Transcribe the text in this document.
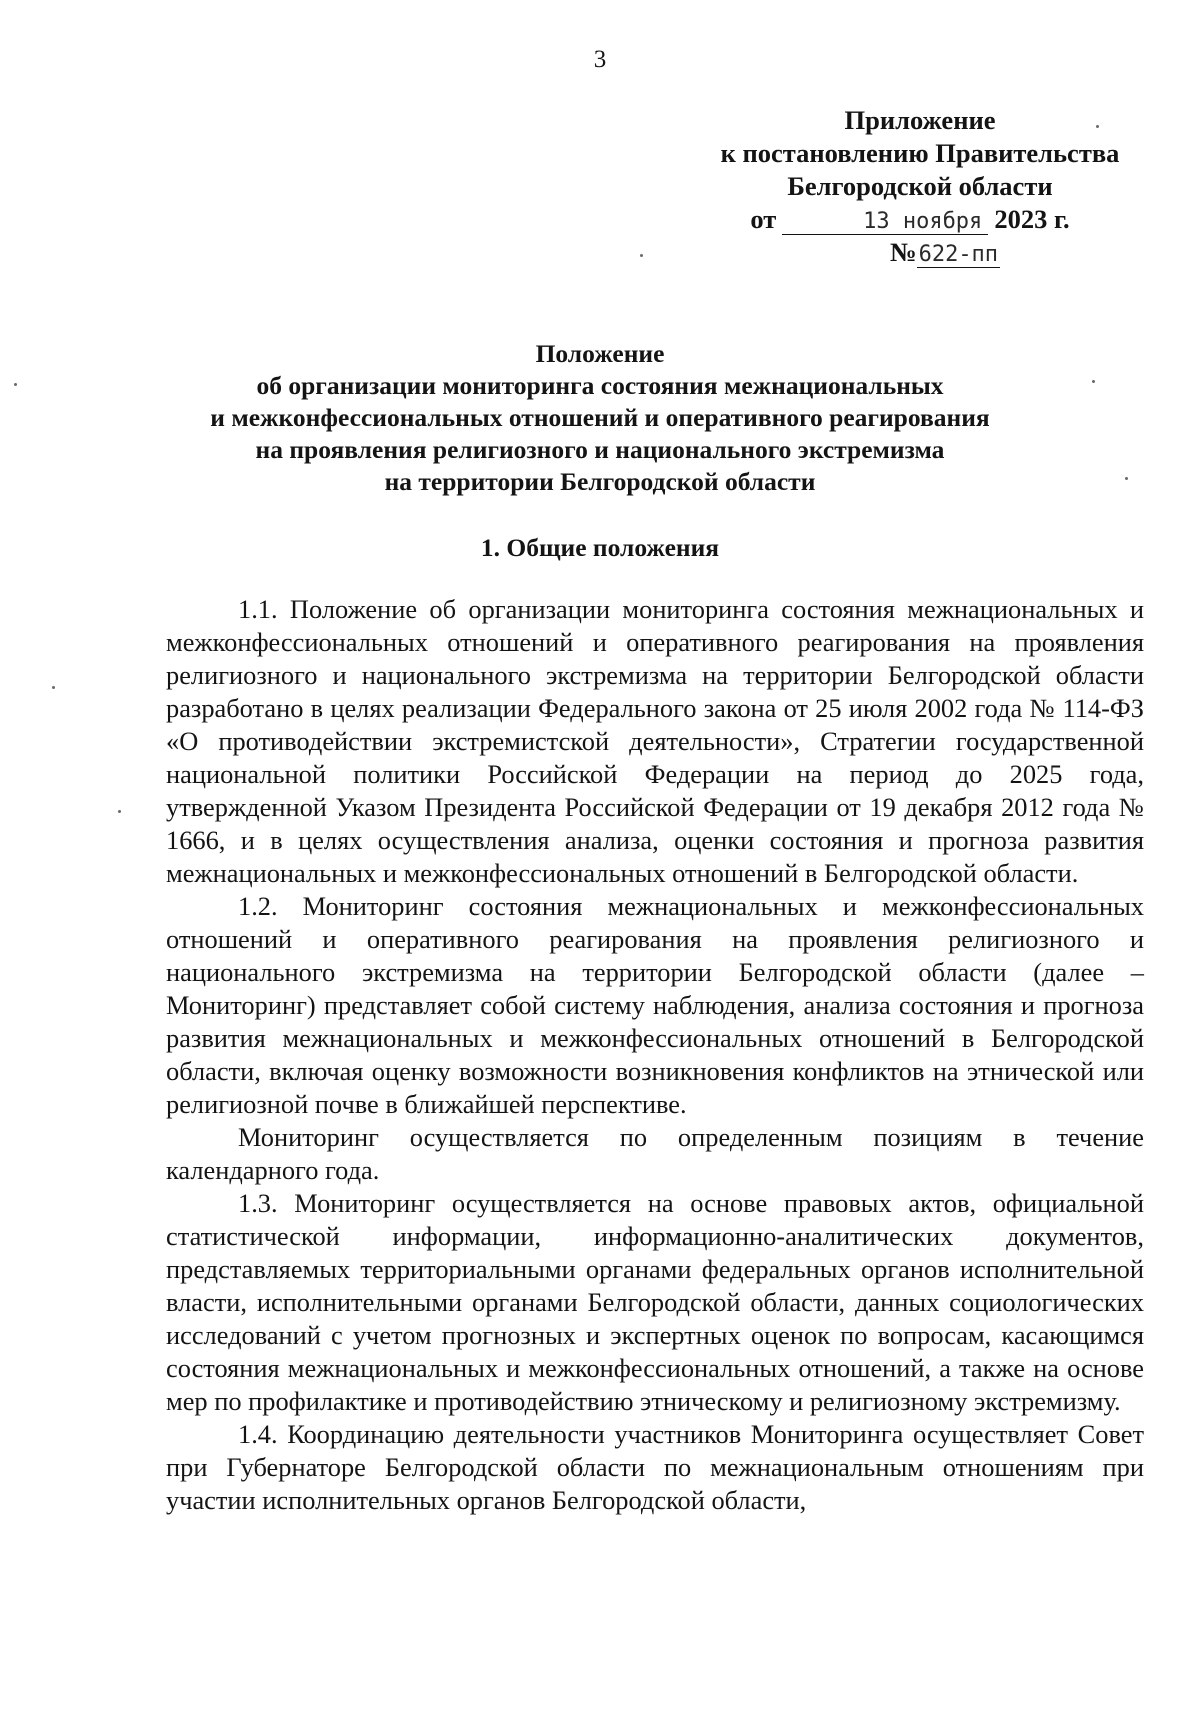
3
Приложение
к постановлению Правительства
Белгородской области
от	13 ноября 2023 г.
№622-пп
Положение
об организации мониторинга состояния межнациональных
и межконфессиональных отношений и оперативного реагирования
на проявления религиозного и национального экстремизма
на территории Белгородской области
1. Общие положения

1.1. Положение об организации мониторинга состояния межнациональных и межконфессиональных отношений и оперативного реагирования на проявления религиозного и национального экстремизма на территории Белгородской области разработано в целях реализации Федерального закона от 25 июля 2002 года № 114-ФЗ «О противодействии экстремистской деятельности», Стратегии государственной национальной политики Российской Федерации на период до 2025 года, утвержденной Указом Президента Российской Федерации от 19 декабря 2012 года № 1666, и в целях осуществления анализа, оценки состояния и прогноза развития межнациональных и межконфессиональных отношений в Белгородской области.

1.2. Мониторинг состояния межнациональных и межконфессиональных отношений и оперативного реагирования на проявления религиозного и национального экстремизма на территории Белгородской области (далее – Мониторинг) представляет собой систему наблюдения, анализа состояния и прогноза развития межнациональных и межконфессиональных отношений в Белгородской области, включая оценку возможности возникновения конфликтов на этнической или религиозной почве в ближайшей перспективе.

Мониторинг осуществляется по определенным позициям в течение календарного года.

1.3. Мониторинг осуществляется на основе правовых актов, официальной статистической информации, информационно-аналитических документов, представляемых территориальными органами федеральных органов исполнительной власти, исполнительными органами Белгородской области, данных социологических исследований с учетом прогнозных и экспертных оценок по вопросам, касающимся состояния межнациональных и межконфессиональных отношений, а также на основе мер по профилактике и противодействию этническому и религиозному экстремизму.

1.4. Координацию деятельности участников Мониторинга осуществляет Совет при Губернаторе Белгородской области по межнациональным отношениям при участии исполнительных органов Белгородской области,
